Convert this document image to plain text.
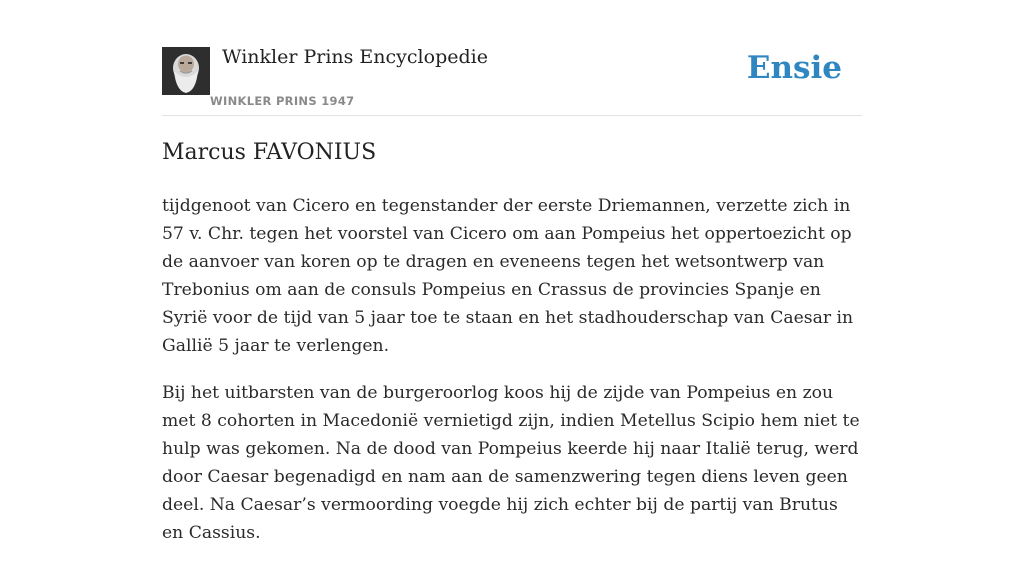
Winkler Prins Encyclopedie
WINKLER PRINS 1947
Ensie
Marcus FAVONIUS

tijdgenoot van Cicero en tegenstander der eerste Driemannen, verzette zich in 57 v. Chr. tegen het voorstel van Cicero om aan Pompeius het oppertoezicht op de aanvoer van koren op te dragen en eveneens tegen het wetsontwerp van Trebonius om aan de consuls Pompeius en Crassus de provincies Spanje en Syrië voor de tijd van 5 jaar toe te staan en het stadhouderschap van Caesar in Gallië 5 jaar te verlengen.

Bij het uitbarsten van de burgeroorlog koos hij de zijde van Pompeius en zou met 8 cohorten in Macedonië vernietigd zijn, indien Metellus Scipio hem niet te hulp was gekomen. Na de dood van Pompeius keerde hij naar Italië terug, werd door Caesar begenadigd en nam aan de samenzwering tegen diens leven geen deel. Na Caesar’s vermoording voegde hij zich echter bij de partij van Brutus en Cassius.
